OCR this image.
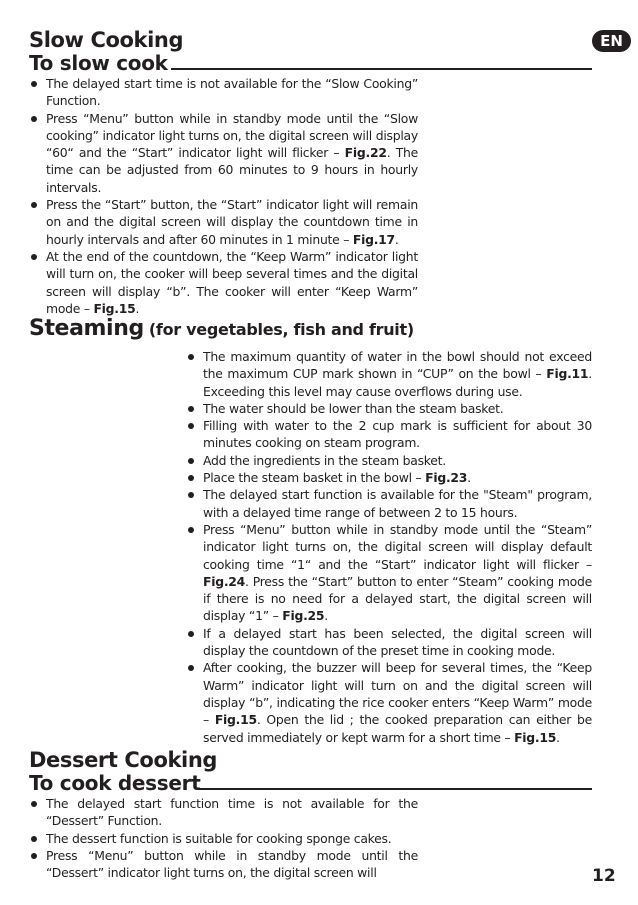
Slow Cooking
To slow cook
EN
The delayed start time is not available for the “Slow Cooking” Function.
Press “Menu” button while in standby mode until the “Slow cooking” indicator light turns on, the digital screen will display “60“ and the “Start” indicator light will flicker – Fig.22. The time can be adjusted from 60 minutes to 9 hours in hourly intervals.
Press the “Start” button, the “Start” indicator light will remain on and the digital screen will display the countdown time in hourly intervals and after 60 minutes in 1 minute – Fig.17.
At the end of the countdown, the “Keep Warm” indicator light will turn on, the cooker will beep several times and the digital screen will display “b”. The cooker will enter “Keep Warm” mode – Fig.15.
Steaming (for vegetables, fish and fruit)
The maximum quantity of water in the bowl should not exceed the maximum CUP mark shown in “CUP” on the bowl – Fig.11. Exceeding this level may cause overflows during use.
The water should be lower than the steam basket.
Filling with water to the 2 cup mark is sufficient for about 30 minutes cooking on steam program.
Add the ingredients in the steam basket.
Place the steam basket in the bowl – Fig.23.
The delayed start function is available for the "Steam" program, with a delayed time range of between 2 to 15 hours.
Press “Menu” button while in standby mode until the “Steam” indicator light turns on, the digital screen will display default cooking time “1“ and the “Start” indicator light will flicker – Fig.24. Press the “Start” button to enter “Steam” cooking mode if there is no need for a delayed start, the digital screen will display “1” – Fig.25.
If a delayed start has been selected, the digital screen will display the countdown of the preset time in cooking mode.
After cooking, the buzzer will beep for several times, the “Keep Warm” indicator light will turn on and the digital screen will display “b”, indicating the rice cooker enters “Keep Warm” mode – Fig.15. Open the lid ; the cooked preparation can either be served immediately or kept warm for a short time – Fig.15.
Dessert Cooking
To cook dessert
The delayed start function time is not available for the “Dessert” Function.
The dessert function is suitable for cooking sponge cakes.
Press “Menu” button while in standby mode until the “Dessert” indicator light turns on, the digital screen will	12
